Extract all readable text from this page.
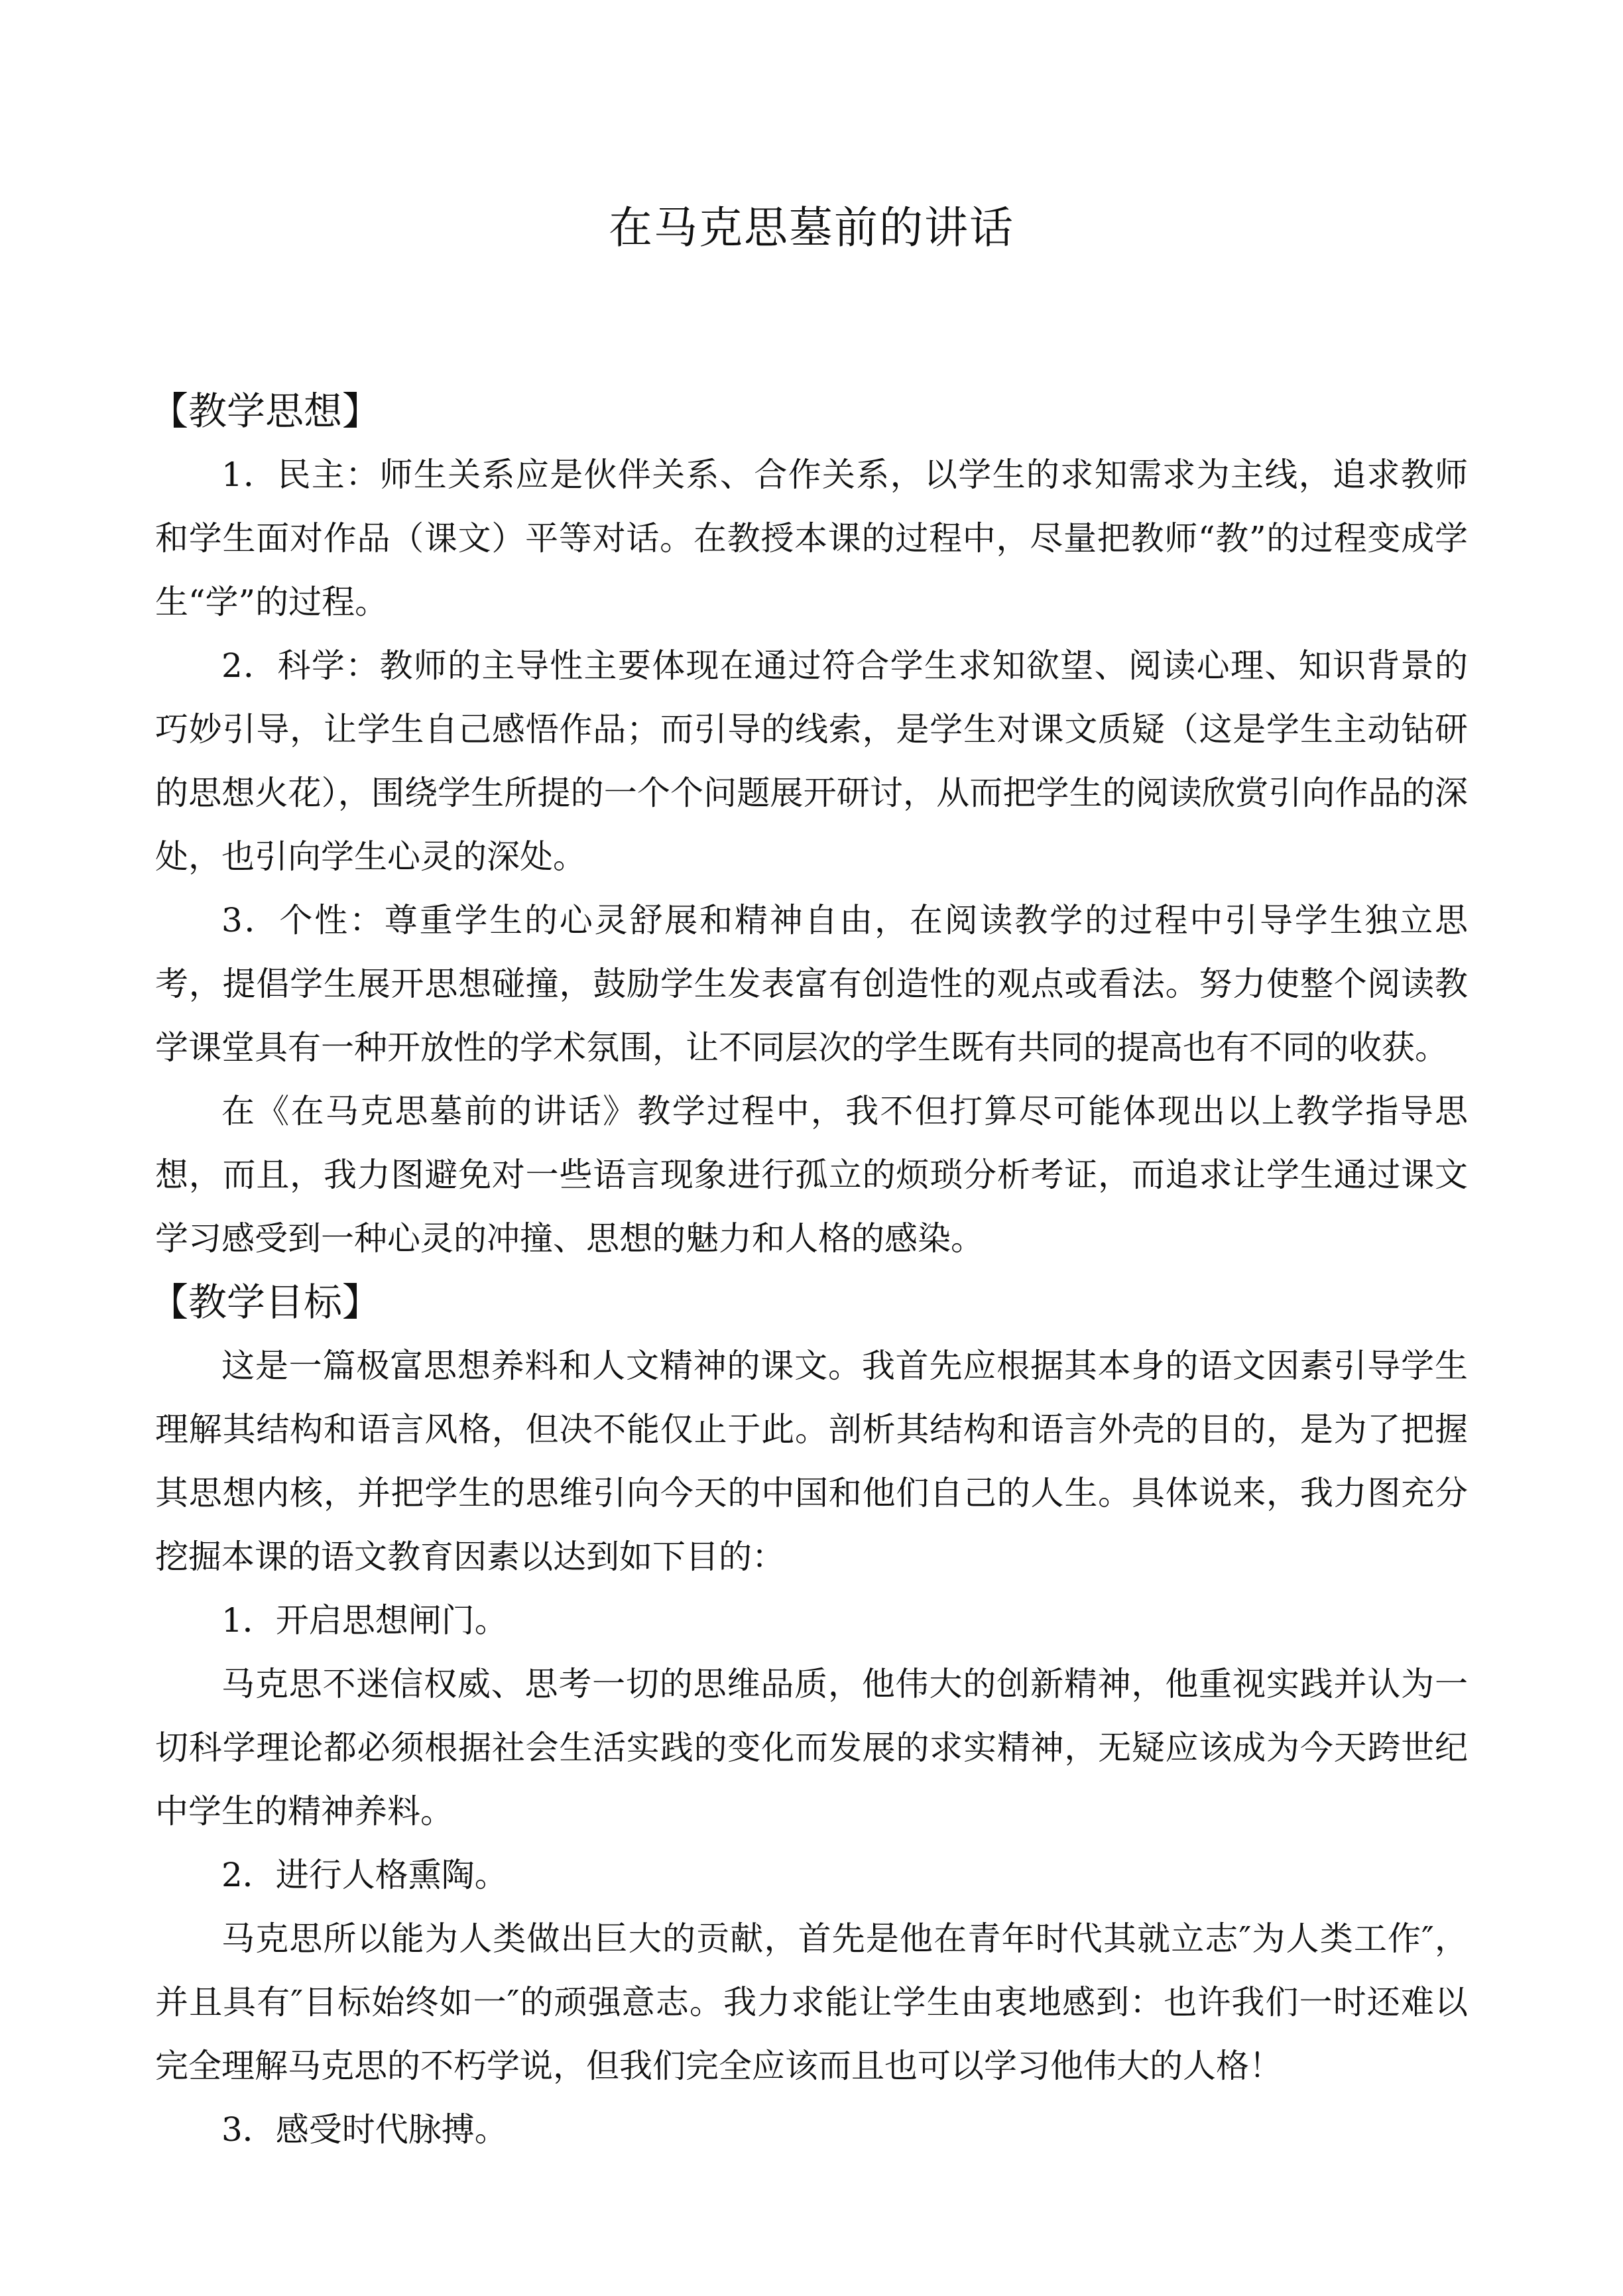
在马克思墓前的讲话
【教学思想】

1．民主：师生关系应是伙伴关系、合作关系，以学生的求知需求为主线，追求教师和学生面对作品（课文）平等对话。在教授本课的过程中，尽量把教师“教”的过程变成学生“学”的过程。

2．科学：教师的主导性主要体现在通过符合学生求知欲望、阅读心理、知识背景的巧妙引导，让学生自己感悟作品；而引导的线索，是学生对课文质疑（这是学生主动钻研的思想火花），围绕学生所提的一个个问题展开研讨，从而把学生的阅读欣赏引向作品的深处，也引向学生心灵的深处。

3．个性：尊重学生的心灵舒展和精神自由，在阅读教学的过程中引导学生独立思考，提倡学生展开思想碰撞，鼓励学生发表富有创造性的观点或看法。努力使整个阅读教学课堂具有一种开放性的学术氛围，让不同层次的学生既有共同的提高也有不同的收获。

在《在马克思墓前的讲话》教学过程中，我不但打算尽可能体现出以上教学指导思想，而且，我力图避免对一些语言现象进行孤立的烦琐分析考证，而追求让学生通过课文学习感受到一种心灵的冲撞、思想的魅力和人格的感染。

【教学目标】

这是一篇极富思想养料和人文精神的课文。我首先应根据其本身的语文因素引导学生理解其结构和语言风格，但决不能仅止于此。剖析其结构和语言外壳的目的，是为了把握其思想内核，并把学生的思维引向今天的中国和他们自己的人生。具体说来，我力图充分挖掘本课的语文教育因素以达到如下目的：

1．开启思想闸门。

马克思不迷信权威、思考一切的思维品质，他伟大的创新精神，他重视实践并认为一切科学理论都必须根据社会生活实践的变化而发展的求实精神，无疑应该成为今天跨世纪中学生的精神养料。

2．进行人格熏陶。

马克思所以能为人类做出巨大的贡献，首先是他在青年时代其就立志″为人类工作″，并且具有″目标始终如一″的顽强意志。我力求能让学生由衷地感到：也许我们一时还难以完全理解马克思的不朽学说，但我们完全应该而且也可以学习他伟大的人格！

3．感受时代脉搏。
